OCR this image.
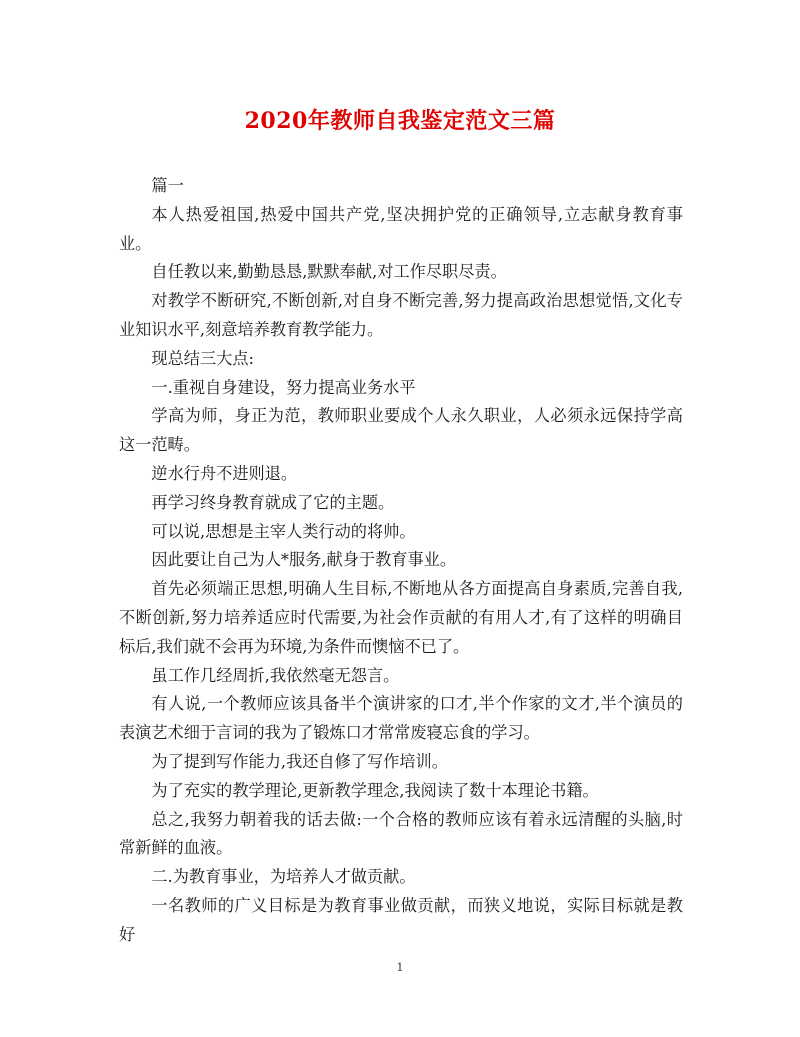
2020年教师自我鉴定范文三篇

篇一

本人热爱祖国,热爱中国共产党,坚决拥护党的正确领导,立志献身教育事业。

自任教以来,勤勤恳恳,默默奉献,对工作尽职尽责。

对教学不断研究,不断创新,对自身不断完善,努力提高政治思想觉悟,文化专业知识水平,刻意培养教育教学能力。

现总结三大点:

一.重视自身建设，努力提高业务水平

学高为师，身正为范，教师职业要成个人永久职业，人必须永远保持学高这一范畴。

逆水行舟不进则退。

再学习终身教育就成了它的主题。

可以说,思想是主宰人类行动的将帅。

因此要让自己为人*服务,献身于教育事业。

首先必须端正思想,明确人生目标,不断地从各方面提高自身素质,完善自我,不断创新,努力培养适应时代需要,为社会作贡献的有用人才,有了这样的明确目标后,我们就不会再为环境,为条件而懊恼不已了。

虽工作几经周折,我依然毫无怨言。

有人说,一个教师应该具备半个演讲家的口才,半个作家的文才,半个演员的表演艺术细于言词的我为了锻炼口才常常废寝忘食的学习。

为了提到写作能力,我还自修了写作培训。

为了充实的教学理论,更新教学理念,我阅读了数十本理论书籍。

总之,我努力朝着我的话去做:一个合格的教师应该有着永远清醒的头脑,时常新鲜的血液。

二.为教育事业，为培养人才做贡献。

一名教师的广义目标是为教育事业做贡献，而狭义地说，实际目标就是教好

1
